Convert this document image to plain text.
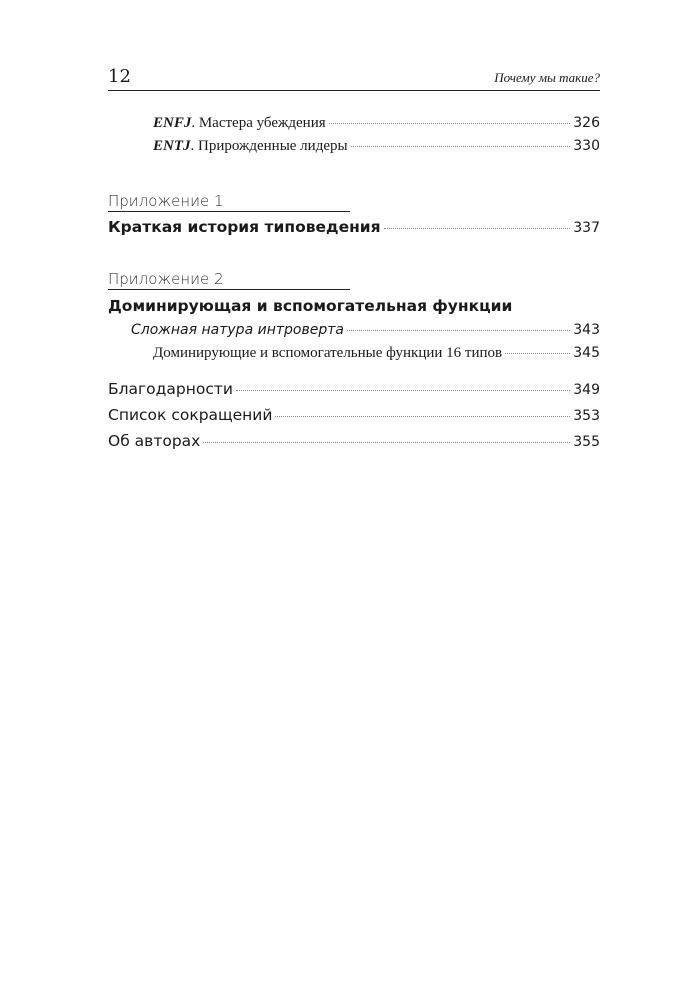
12	Почему мы такие?
ENFJ. Мастера убеждения	326
ENTJ. Прирожденные лидеры	330
Приложение 1
Краткая история типоведения	337
Приложение 2
Доминирующая и вспомогательная функции
Сложная натура интроверта	343
Доминирующие и вспомогательные функции 16 типов	345
Благодарности	349
Список сокращений	353
Об авторах	355
